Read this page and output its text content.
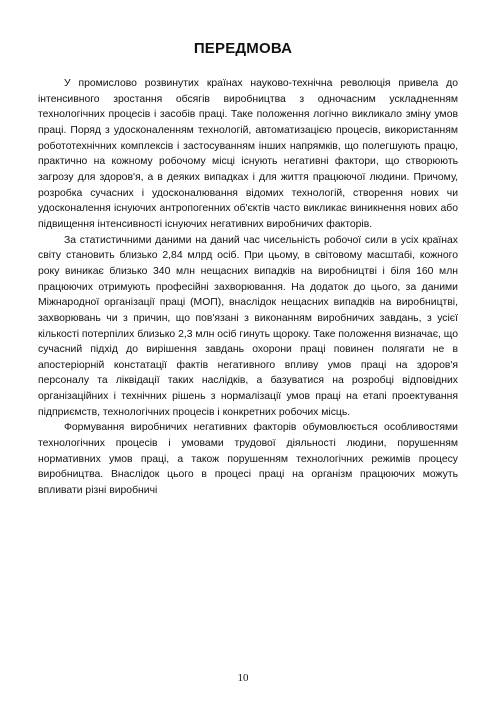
ПЕРЕДМОВА

У промислово розвинутих країнах науково-технічна революція привела до інтенсивного зростання обсягів виробництва з одночасним ускладненням технологічних процесів і засобів праці. Таке положення логічно викликало зміну умов праці. Поряд з удосконаленням технологій, автоматизацією процесів, використанням робототехнічних комплексів і застосуванням інших напрямків, що полегшують працю, практично на кожному робочому місці існують негативні фактори, що створюють загрозу для здоров'я, а в деяких випадках і для життя працюючої людини. Причому, розробка сучасних і удосконалювання відомих технологій, створення нових чи удосконалення існуючих антропогенних об'єктів часто викликає виникнення нових або підвищення інтенсивності існуючих негативних виробничих факторів.

За статистичними даними на даний час чисельність робочої сили в усіх країнах світу становить близько 2,84 млрд осіб. При цьому, в світовому масштабі, кожного року виникає близько 340 млн нещасних випадків на виробництві і біля 160 млн працюючих отримують професійні захворювання. На додаток до цього, за даними Міжнародної організації праці (МОП), внаслідок нещасних випадків на виробництві, захворювань чи з причин, що пов'язані з виконанням виробничих завдань, з усієї кількості потерпілих близько 2,3 млн осіб гинуть щороку. Таке положення визначає, що сучасний підхід до вирішення завдань охорони праці повинен полягати не в апостеріорній констатації фактів негативного впливу умов праці на здоров'я персоналу та ліквідації таких наслідків, а базуватися на розробці відповідних організаційних і технічних рішень з нормалізації умов праці на етапі проектування підприємств, технологічних процесів і конкретних робочих місць.

Формування виробничих негативних факторів обумовлюється особливостями технологічних процесів і умовами трудової діяльності людини, порушенням нормативних умов праці, а також порушенням технологічних режимів процесу виробництва. Внаслідок цього в процесі праці на організм працюючих можуть впливати різні виробничі

10
